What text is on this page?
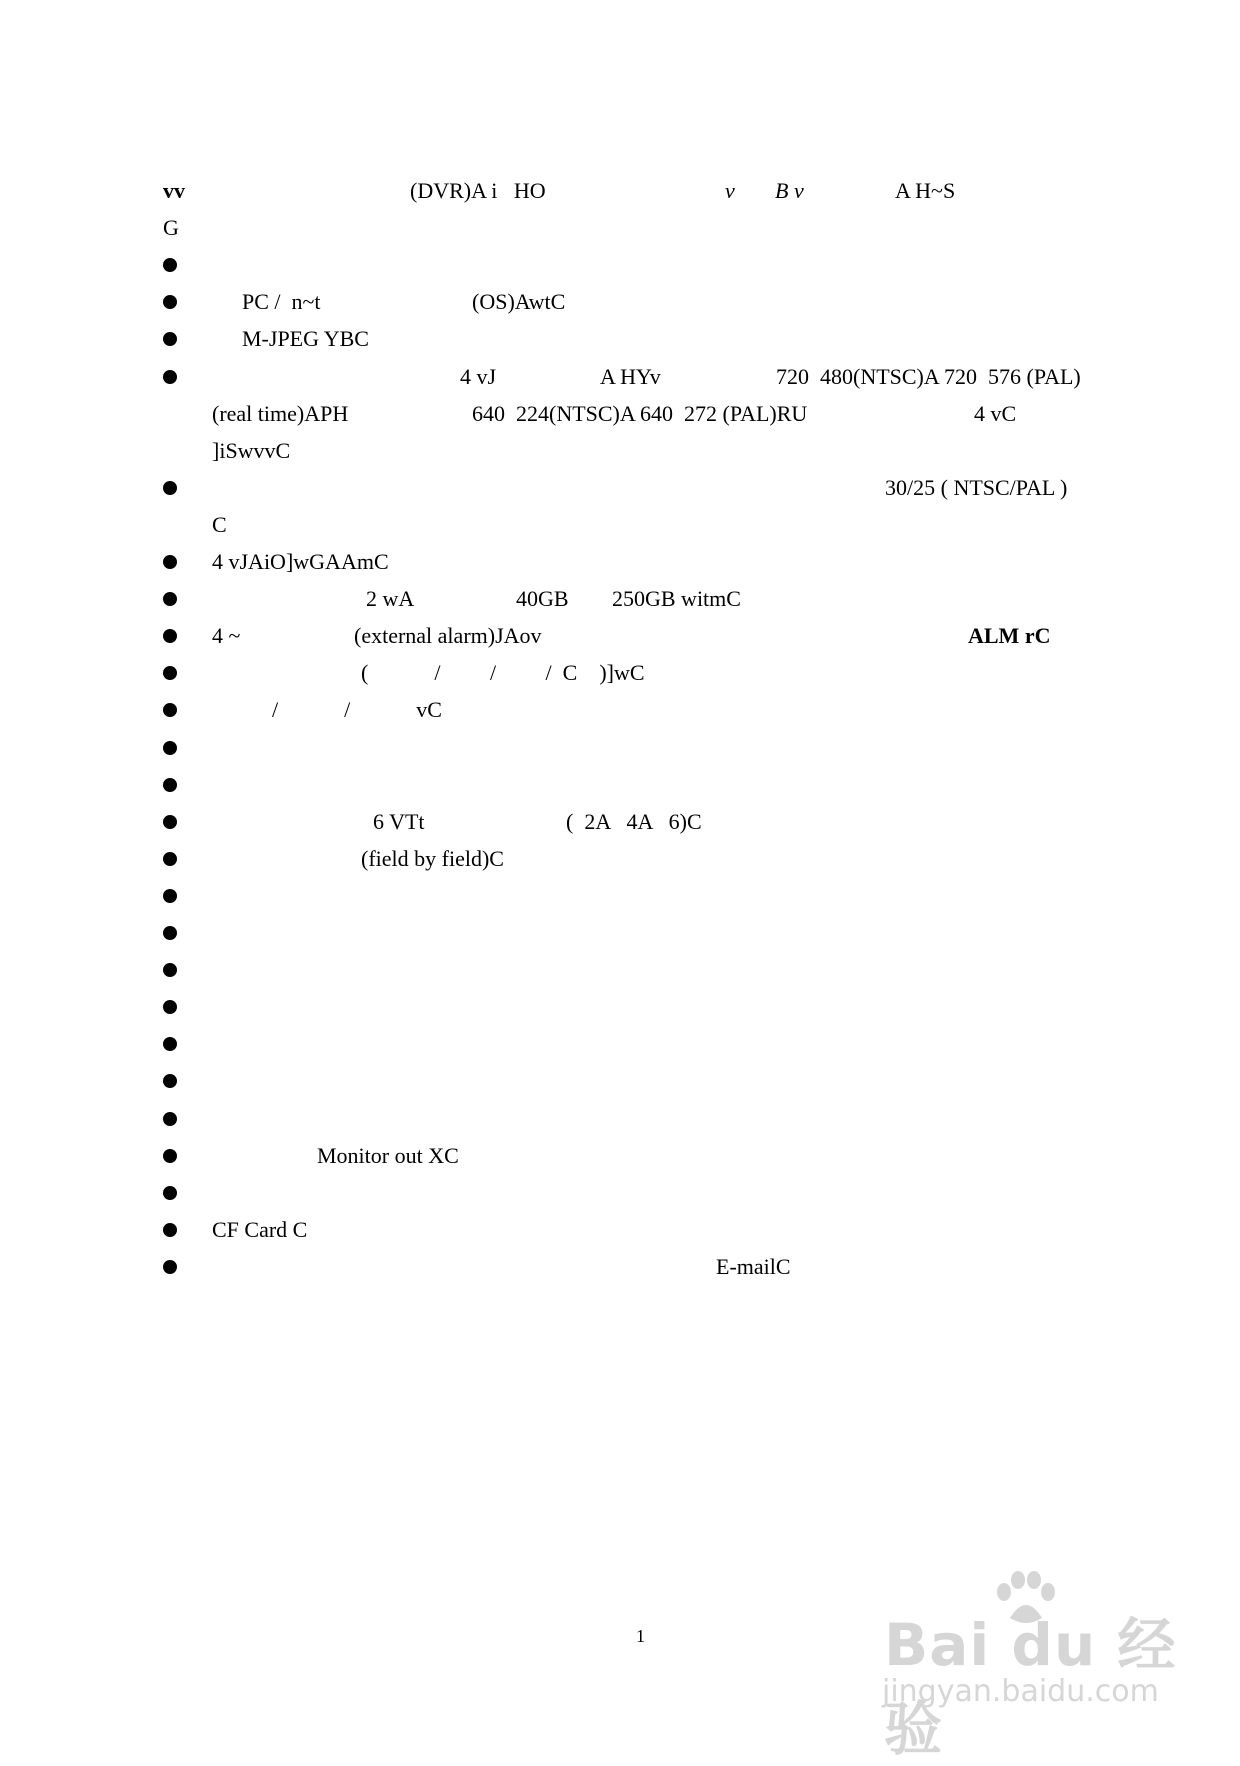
vv	(DVR)A i   HO	v B v	A H~S
G
PC /  n~t	(OS)AwtC
M-JPEG YBC
4 vJ	A HYv	720  480(NTSC)A 720  576 (PAL)
(real time)APH	640  224(NTSC)A 640  272 (PAL)RU	4 vC
]iSwvvC
30/25 ( NTSC/PAL )
C
4 vJAiO]wGAAmC
2 wA	40GB 250GB witmC
4 ~	(external alarm)JAov	ALM rC
(            /         /         /  C    )]wC
/            /            vC
6 VTt	(  2A   4A   6)C
(field by field)C
Monitor out XC
CF Card C
E-mailC
1	Bai du 经验
jingyan.baidu.com
